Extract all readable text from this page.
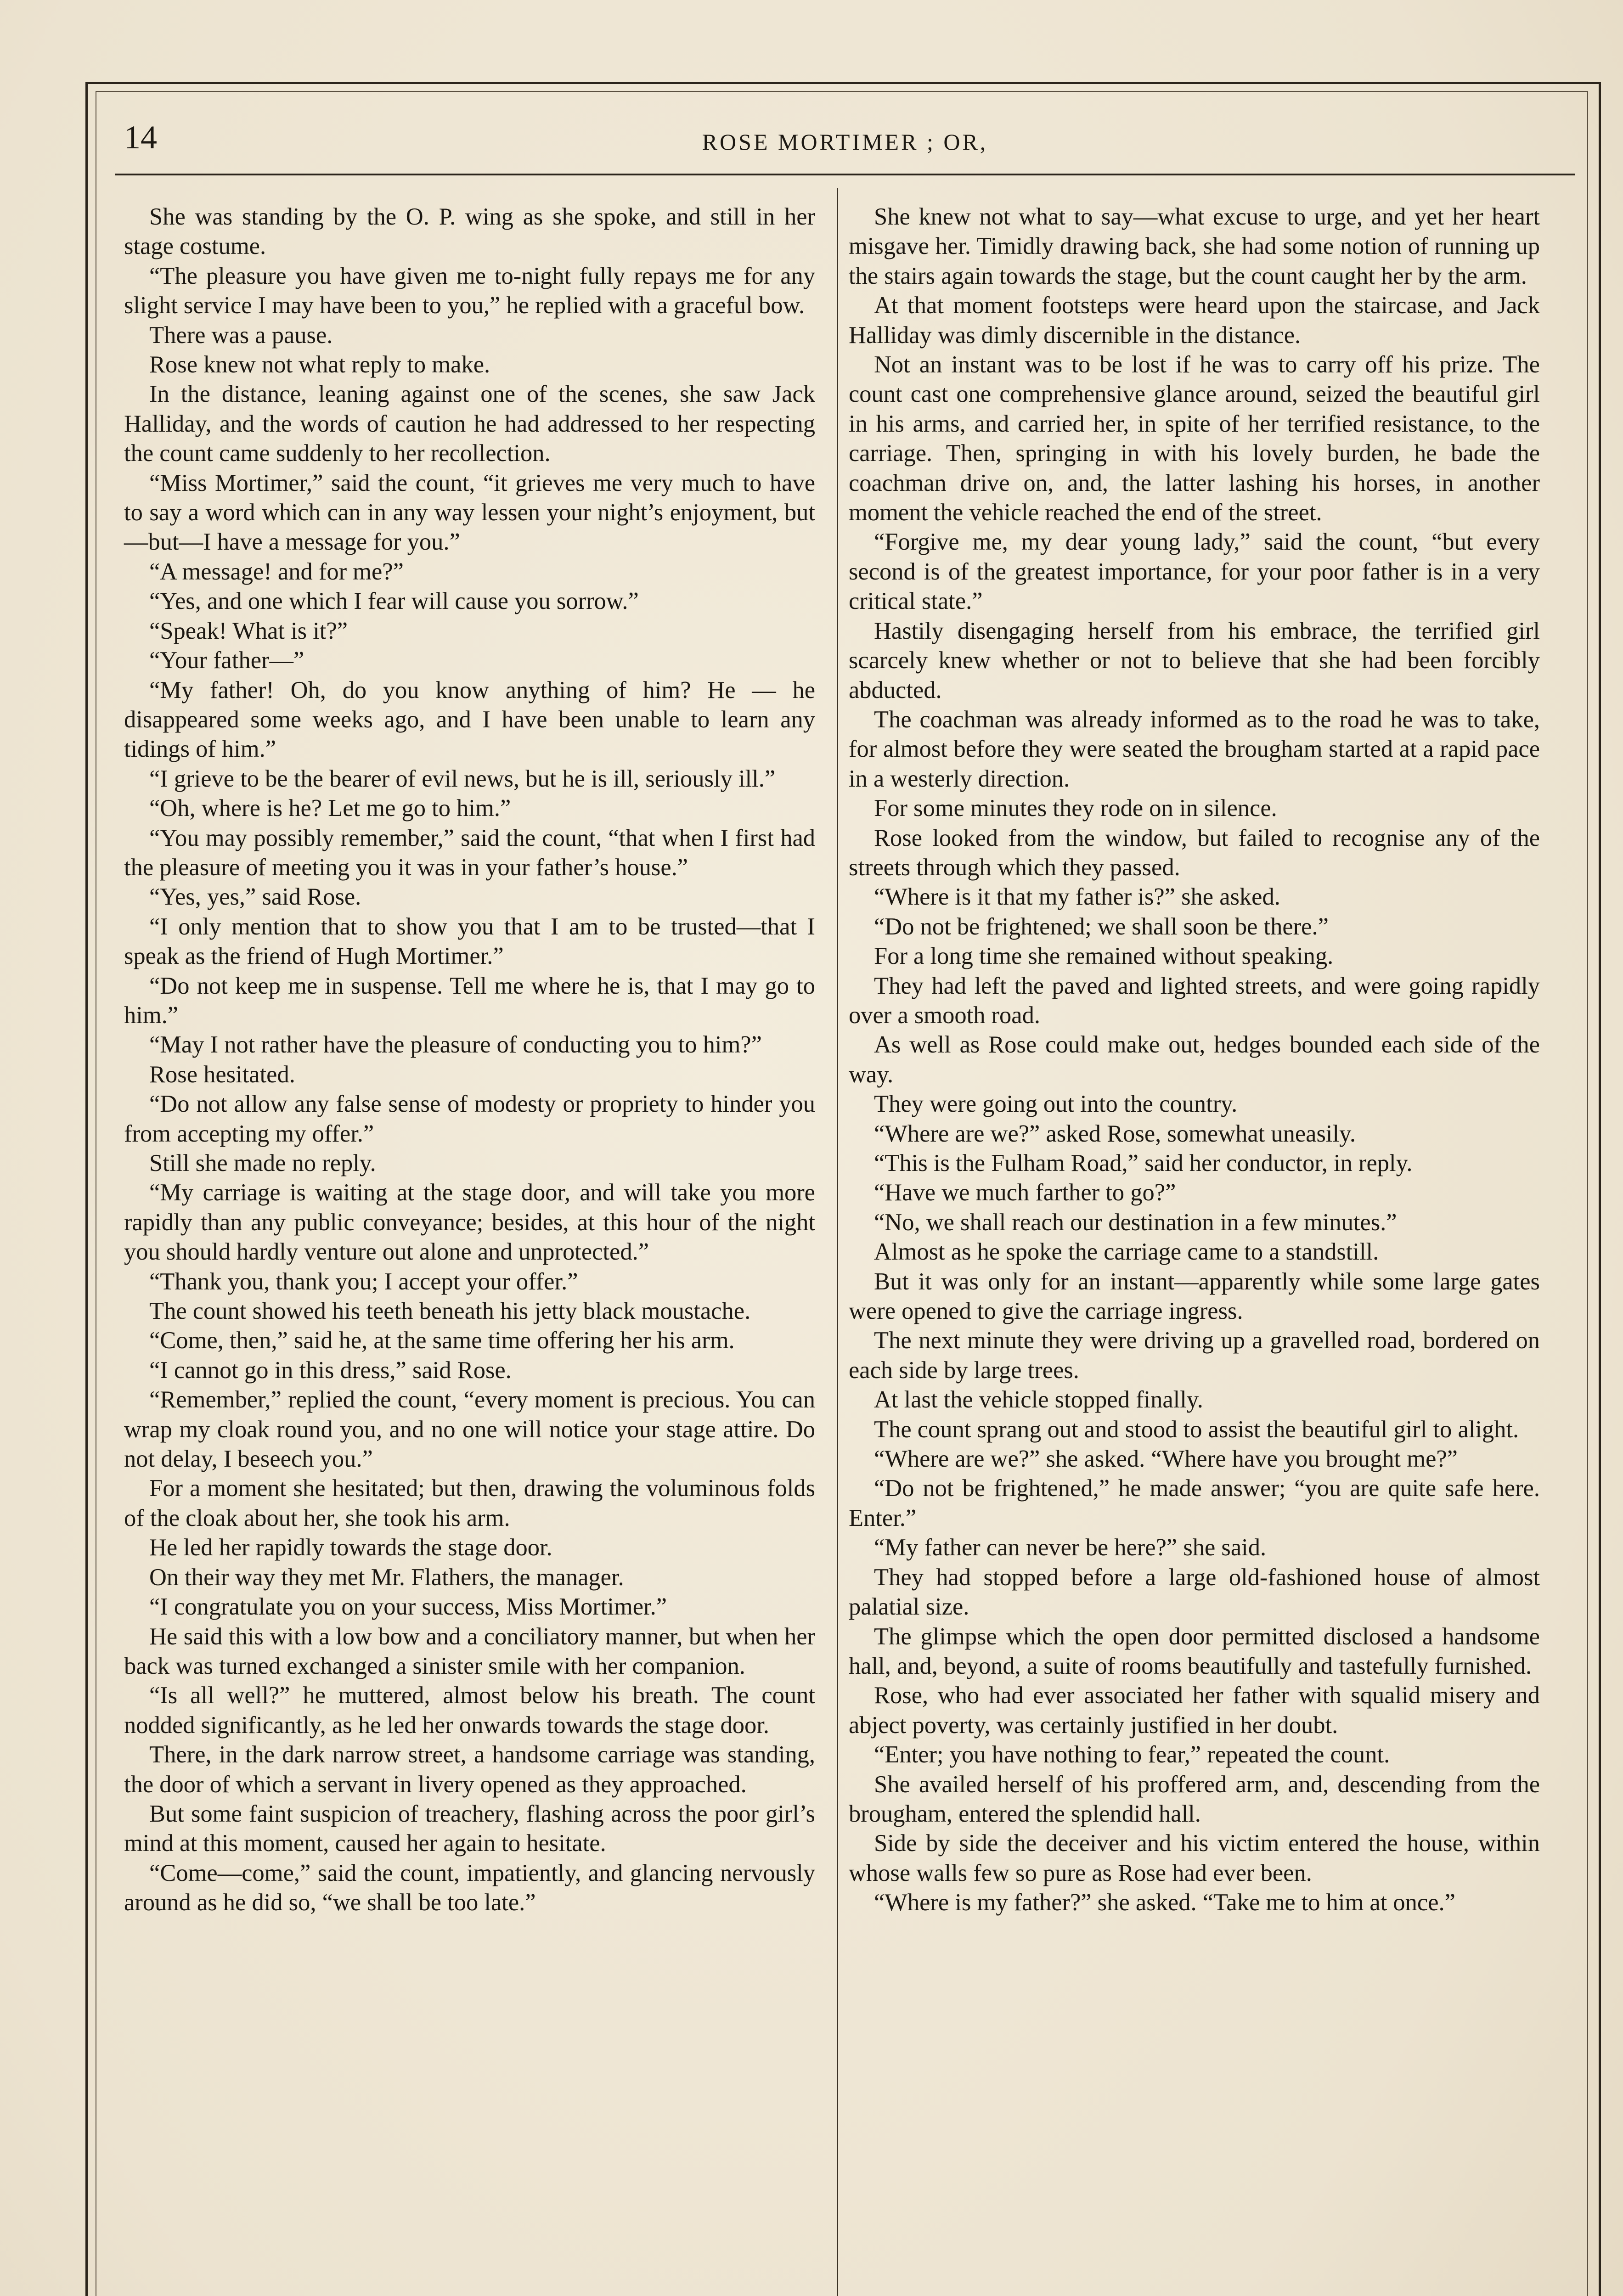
14	ROSE MORTIMER ; OR,

She was standing by the O. P. wing as she spoke, and still in her stage costume.

“The pleasure you have given me to-night fully repays me for any slight service I may have been to you,” he replied with a graceful bow.

There was a pause.

Rose knew not what reply to make.

In the distance, leaning against one of the scenes, she saw Jack Halliday, and the words of caution he had addressed to her respecting the count came suddenly to her recollection.

“Miss Mortimer,” said the count, “it grieves me very much to have to say a word which can in any way lessen your night’s enjoyment, but—but—I have a message for you.”

“A message! and for me?”

“Yes, and one which I fear will cause you sorrow.”

“Speak! What is it?”

“Your father—”

“My father! Oh, do you know anything of him? He — he disappeared some weeks ago, and I have been unable to learn any tidings of him.”

“I grieve to be the bearer of evil news, but he is ill, seriously ill.”

“Oh, where is he? Let me go to him.”

“You may possibly remember,” said the count, “that when I first had the pleasure of meeting you it was in your father’s house.”

“Yes, yes,” said Rose.

“I only mention that to show you that I am to be trusted—that I speak as the friend of Hugh Mortimer.”

“Do not keep me in suspense. Tell me where he is, that I may go to him.”

“May I not rather have the pleasure of conducting you to him?”

Rose hesitated.

“Do not allow any false sense of modesty or propriety to hinder you from accepting my offer.”

Still she made no reply.

“My carriage is waiting at the stage door, and will take you more rapidly than any public conveyance; besides, at this hour of the night you should hardly venture out alone and unprotected.”

“Thank you, thank you; I accept your offer.”

The count showed his teeth beneath his jetty black moustache.

“Come, then,” said he, at the same time offering her his arm.

“I cannot go in this dress,” said Rose.

“Remember,” replied the count, “every moment is precious. You can wrap my cloak round you, and no one will notice your stage attire. Do not delay, I beseech you.”

For a moment she hesitated; but then, drawing the voluminous folds of the cloak about her, she took his arm.

He led her rapidly towards the stage door.

On their way they met Mr. Flathers, the manager.

“I congratulate you on your success, Miss Mortimer.”

He said this with a low bow and a conciliatory manner, but when her back was turned exchanged a sinister smile with her companion.

“Is all well?” he muttered, almost below his breath. The count nodded significantly, as he led her onwards towards the stage door.

There, in the dark narrow street, a handsome carriage was standing, the door of which a servant in livery opened as they approached.

But some faint suspicion of treachery, flashing across the poor girl’s mind at this moment, caused her again to hesitate.

“Come—come,” said the count, impatiently, and glancing nervously around as he did so, “we shall be too late.”

She knew not what to say—what excuse to urge, and yet her heart misgave her. Timidly drawing back, she had some notion of running up the stairs again towards the stage, but the count caught her by the arm.

At that moment footsteps were heard upon the staircase, and Jack Halliday was dimly discernible in the distance.

Not an instant was to be lost if he was to carry off his prize. The count cast one comprehensive glance around, seized the beautiful girl in his arms, and carried her, in spite of her terrified resistance, to the carriage. Then, springing in with his lovely burden, he bade the coachman drive on, and, the latter lashing his horses, in another moment the vehicle reached the end of the street.

“Forgive me, my dear young lady,” said the count, “but every second is of the greatest importance, for your poor father is in a very critical state.”

Hastily disengaging herself from his embrace, the terrified girl scarcely knew whether or not to believe that she had been forcibly abducted.

The coachman was already informed as to the road he was to take, for almost before they were seated the brougham started at a rapid pace in a westerly direction.

For some minutes they rode on in silence.

Rose looked from the window, but failed to recognise any of the streets through which they passed.

“Where is it that my father is?” she asked.

“Do not be frightened; we shall soon be there.”

For a long time she remained without speaking.

They had left the paved and lighted streets, and were going rapidly over a smooth road.

As well as Rose could make out, hedges bounded each side of the way.

They were going out into the country.

“Where are we?” asked Rose, somewhat uneasily.

“This is the Fulham Road,” said her conductor, in reply.

“Have we much farther to go?”

“No, we shall reach our destination in a few minutes.”

Almost as he spoke the carriage came to a standstill.

But it was only for an instant—apparently while some large gates were opened to give the carriage ingress.

The next minute they were driving up a gravelled road, bordered on each side by large trees.

At last the vehicle stopped finally.

The count sprang out and stood to assist the beautiful girl to alight.

“Where are we?” she asked. “Where have you brought me?”

“Do not be frightened,” he made answer; “you are quite safe here. Enter.”

“My father can never be here?” she said.

They had stopped before a large old-fashioned house of almost palatial size.

The glimpse which the open door permitted disclosed a handsome hall, and, beyond, a suite of rooms beautifully and tastefully furnished.

Rose, who had ever associated her father with squalid misery and abject poverty, was certainly justified in her doubt.

“Enter; you have nothing to fear,” repeated the count.

She availed herself of his proffered arm, and, descending from the brougham, entered the splendid hall.

Side by side the deceiver and his victim entered the house, within whose walls few so pure as Rose had ever been.

“Where is my father?” she asked. “Take me to him at once.”
